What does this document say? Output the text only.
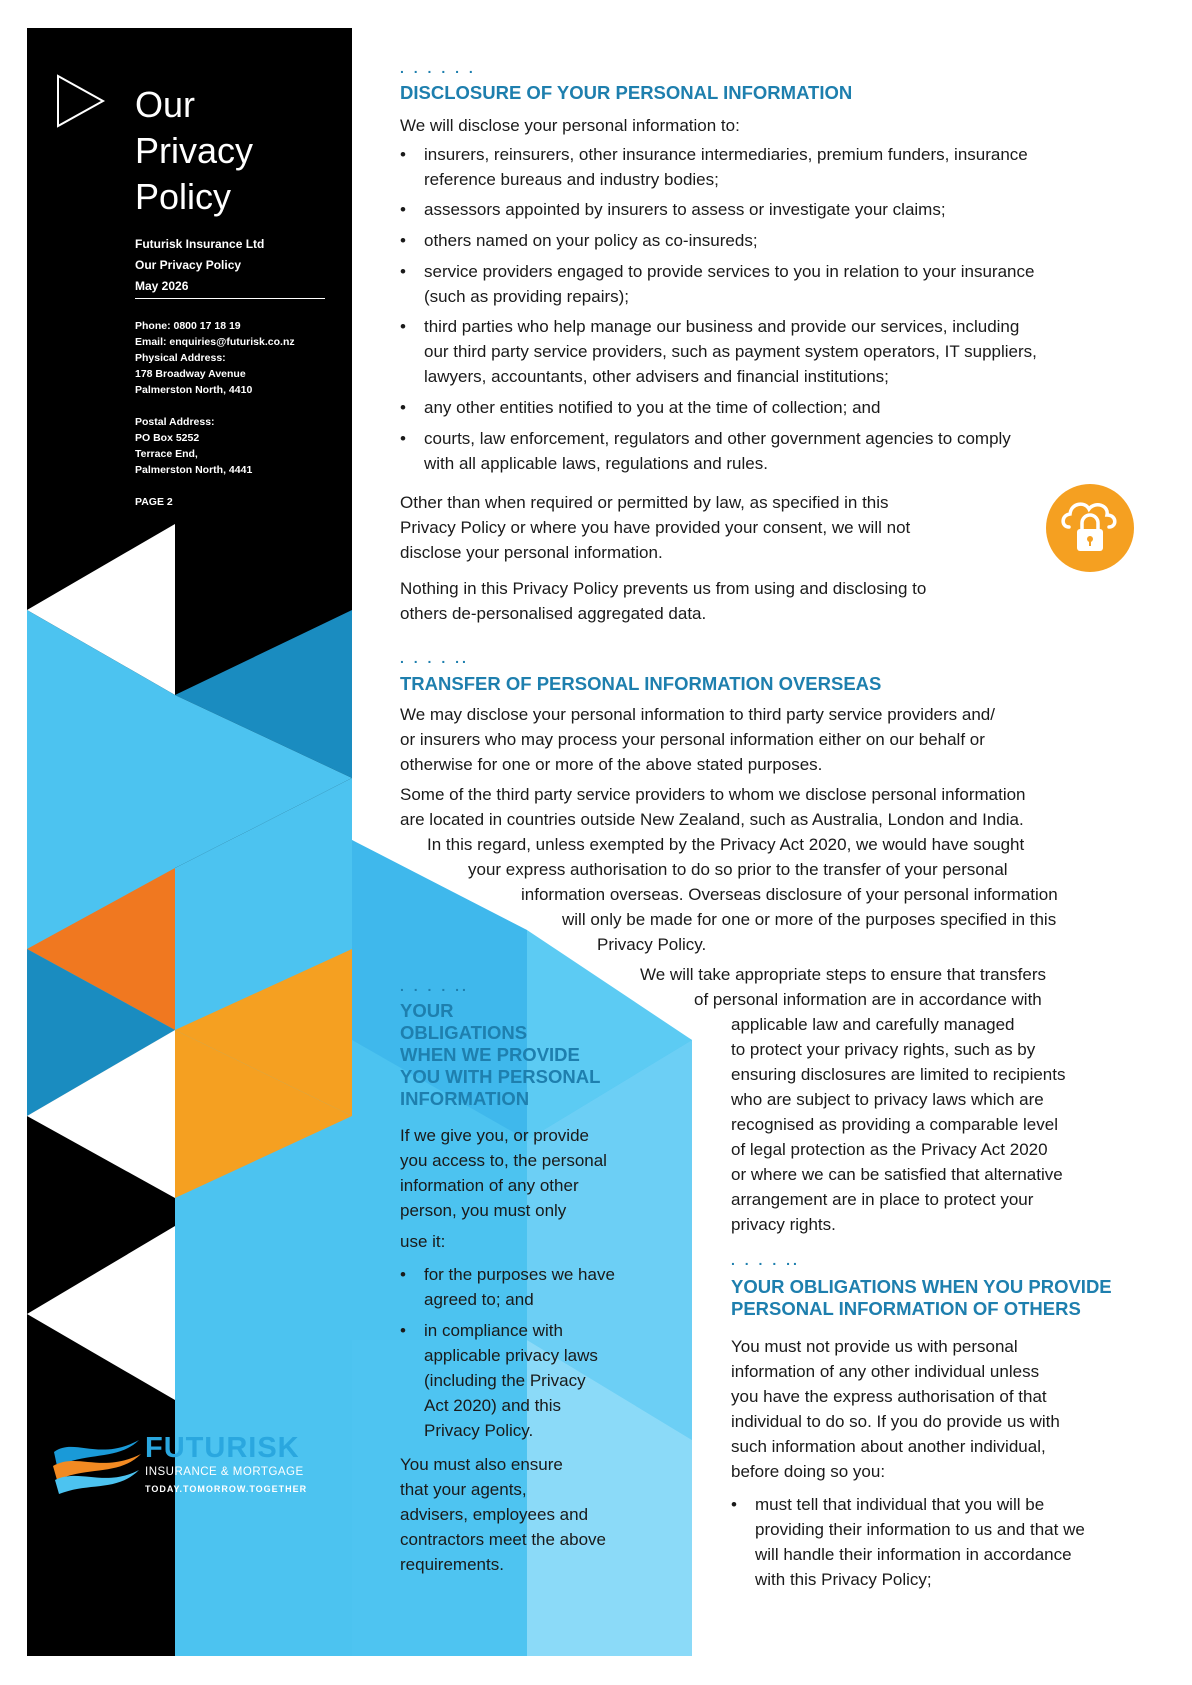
Our
Privacy
Policy
Futurisk Insurance Ltd
Our Privacy Policy
May 2026
Phone: 0800 17 18 19
Email: enquiries@futurisk.co.nz
Physical Address:
178 Broadway Avenue
Palmerston North, 4410
Postal Address:
PO Box 5252
Terrace End,
Palmerston North, 4441
PAGE 2
FUTURISK
INSURANCE & MORTGAGE
TODAY.TOMORROW.TOGETHER
. . . . . .
DISCLOSURE OF YOUR PERSONAL INFORMATION
We will disclose your personal information to:
• insurers, reinsurers, other insurance intermediaries, premium funders, insurance
reference bureaus and industry bodies;
• assessors appointed by insurers to assess or investigate your claims;
• others named on your policy as co-insureds;
• service providers engaged to provide services to you in relation to your insurance
(such as providing repairs);
• third parties who help manage our business and provide our services, including
our third party service providers, such as payment system operators, IT suppliers,
lawyers, accountants, other advisers and financial institutions;
• any other entities notified to you at the time of collection; and
• courts, law enforcement, regulators and other government agencies to comply
with all applicable laws, regulations and rules.
Other than when required or permitted by law, as specified in this
Privacy Policy or where you have provided your consent, we will not
disclose your personal information.
Nothing in this Privacy Policy prevents us from using and disclosing to
others de-personalised aggregated data.
. . . . ..
TRANSFER OF PERSONAL INFORMATION OVERSEAS
We may disclose your personal information to third party service providers and/
or insurers who may process your personal information either on our behalf or
otherwise for one or more of the above stated purposes.
Some of the third party service providers to whom we disclose personal information
are located in countries outside New Zealand, such as Australia, London and India.
In this regard, unless exempted by the Privacy Act 2020, we would have sought
your express authorisation to do so prior to the transfer of your personal
information overseas. Overseas disclosure of your personal information
will only be made for one or more of the purposes specified in this
Privacy Policy.
We will take appropriate steps to ensure that transfers
of personal information are in accordance with
applicable law and carefully managed
to protect your privacy rights, such as by
ensuring disclosures are limited to recipients
who are subject to privacy laws which are
recognised as providing a comparable level
of legal protection as the Privacy Act 2020
or where we can be satisfied that alternative
arrangement are in place to protect your
privacy rights.
. . . . ..
YOUR
OBLIGATIONS
WHEN WE PROVIDE
YOU WITH PERSONAL
INFORMATION
If we give you, or provide
you access to, the personal
information of any other
person, you must only
use it:
• for the purposes we have
agreed to; and
• in compliance with
applicable privacy laws
(including the Privacy
Act 2020) and this
Privacy Policy.
You must also ensure
that your agents,
advisers, employees and
contractors meet the above
requirements.
. . . . ..
YOUR OBLIGATIONS WHEN YOU PROVIDE
PERSONAL INFORMATION OF OTHERS
You must not provide us with personal
information of any other individual unless
you have the express authorisation of that
individual to do so. If you do provide us with
such information about another individual,
before doing so you:
• must tell that individual that you will be
providing their information to us and that we
will handle their information in accordance
with this Privacy Policy;
